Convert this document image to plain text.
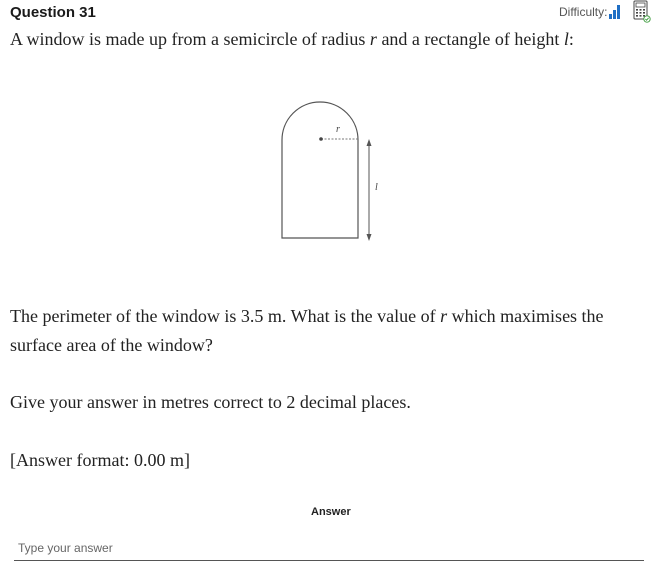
Question 31	Difficulty:
A window is made up from a semicircle of radius r and a rectangle of height l:
r
l
The perimeter of the window is 3.5 m. What is the value of r which maximises the surface area of the window?
Give your answer in metres correct to 2 decimal places.
[Answer format: 0.00 m]
Answer
Type your answer
